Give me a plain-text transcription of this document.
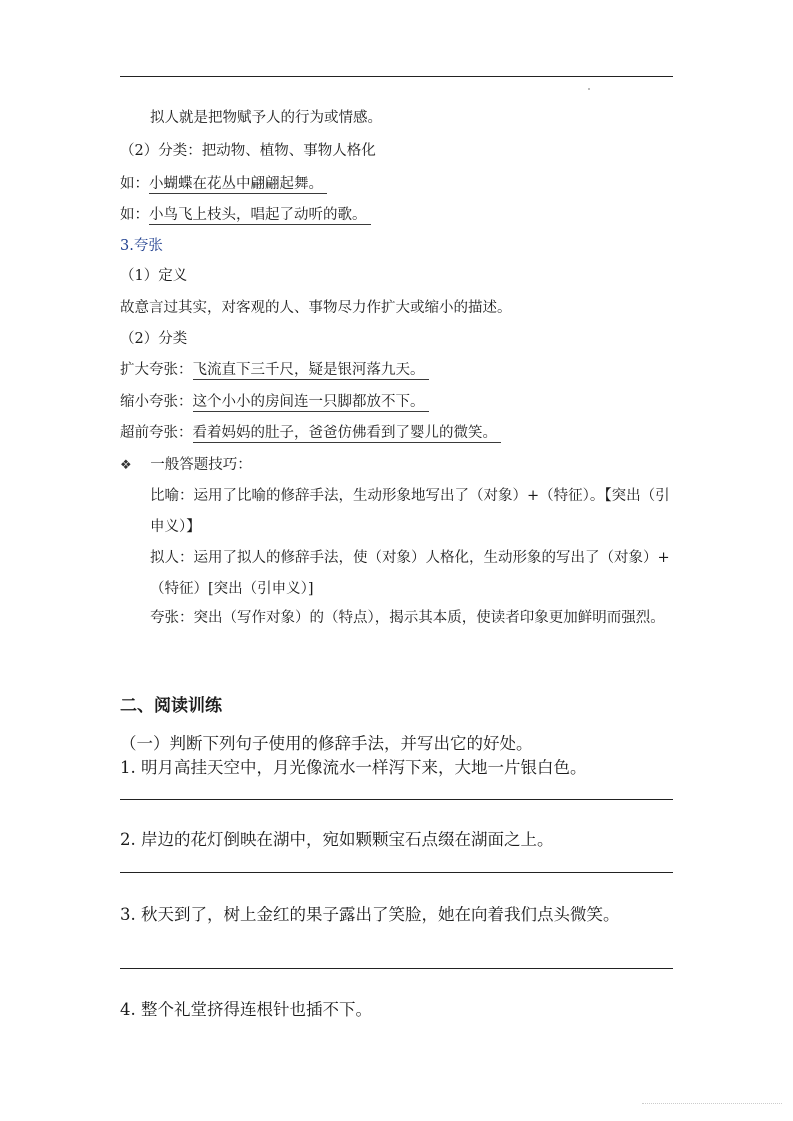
拟人就是把物赋予人的行为或情感。
（2）分类：把动物、植物、事物人格化
如：小蝴蝶在花丛中翩翩起舞。
如：小鸟飞上枝头，唱起了动听的歌。
3.夸张
（1）定义
故意言过其实，对客观的人、事物尽力作扩大或缩小的描述。
（2）分类
扩大夸张：飞流直下三千尺，疑是银河落九天。
缩小夸张：这个小小的房间连一只脚都放不下。
超前夸张：看着妈妈的肚子，爸爸仿佛看到了婴儿的微笑。
❖ 一般答题技巧：
比喻：运用了比喻的修辞手法，生动形象地写出了（对象）+（特征）。【突出（引申义）】
拟人：运用了拟人的修辞手法，使（对象）人格化，生动形象的写出了（对象）+（特征）[突出（引申义）]
夸张：突出（写作对象）的（特点），揭示其本质，使读者印象更加鲜明而强烈。
二、阅读训练
（一）判断下列句子使用的修辞手法，并写出它的好处。
1. 明月高挂天空中，月光像流水一样泻下来，大地一片银白色。
2. 岸边的花灯倒映在湖中，宛如颗颗宝石点缀在湖面之上。
3. 秋天到了，树上金红的果子露出了笑脸，她在向着我们点头微笑。
4. 整个礼堂挤得连根针也插不下。
